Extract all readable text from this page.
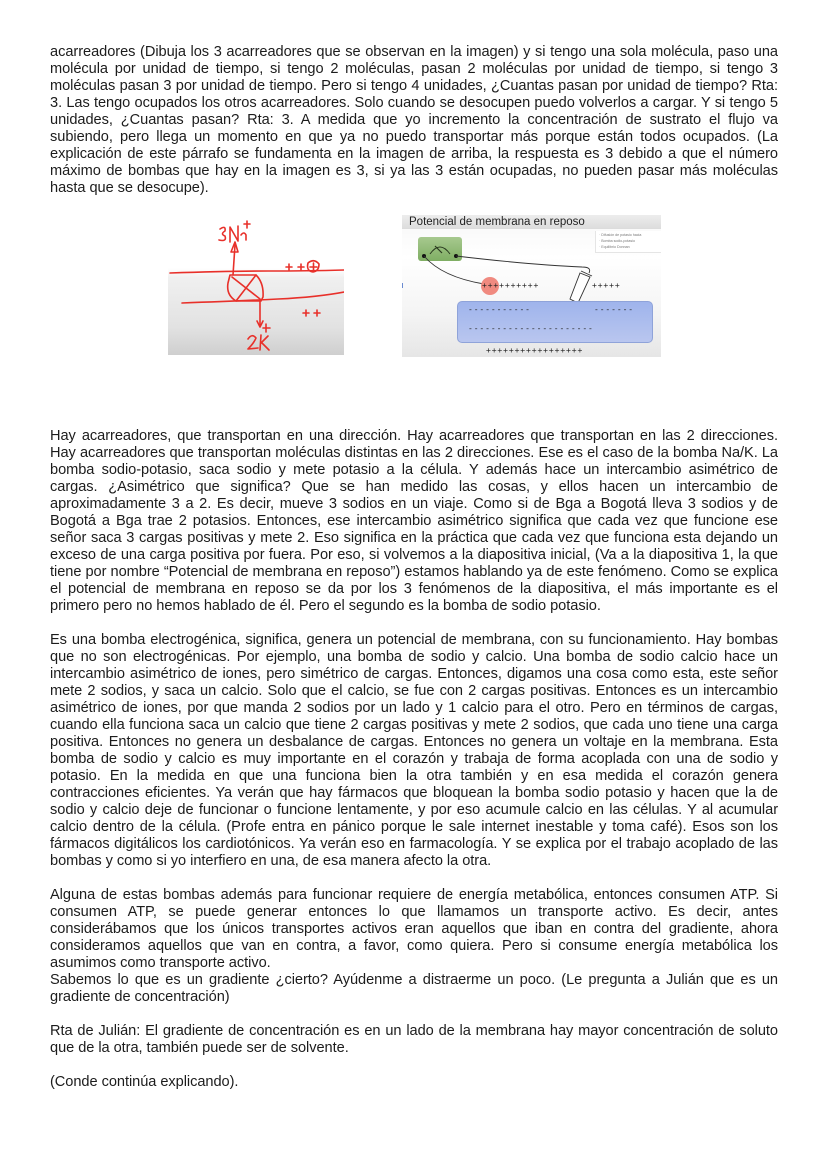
acarreadores (Dibuja los 3 acarreadores que se observan en la imagen) y si tengo una sola molécula, paso una molécula por unidad de tiempo, si tengo 2 moléculas, pasan 2 moléculas por unidad de tiempo, si tengo 3 moléculas pasan 3 por unidad de tiempo. Pero si tengo 4 unidades, ¿Cuantas pasan por unidad de tiempo? Rta: 3. Las tengo ocupados los otros acarreadores. Solo cuando se desocupen puedo volverlos a cargar. Y si tengo 5 unidades, ¿Cuantas pasan? Rta: 3. A medida que yo incremento la concentración de sustrato el flujo va subiendo, pero llega un momento en que ya no puedo transportar más porque están todos ocupados. (La explicación de este párrafo se fundamenta en la imagen de arriba, la respuesta es 3 debido a que el número máximo de bombas que hay en la imagen es 3, si ya las 3 están ocupadas, no pueden pasar más moléculas hasta que se desocupe).

Potencial de membrana en reposo
· Difusión de potasio hacia
· Bomba sodio-potasio
· Equilibrio Donnan
++++++++++	+++++
-----------	-------
----------------------
+++++++++++++++++

Hay acarreadores, que transportan en una dirección. Hay acarreadores que transportan en las 2 direcciones. Hay acarreadores que transportan moléculas distintas en las 2 direcciones. Ese es el caso de la bomba Na/K. La bomba sodio-potasio, saca sodio y mete potasio a la célula. Y además hace un intercambio asimétrico de cargas. ¿Asimétrico que significa? Que se han medido las cosas, y ellos hacen un intercambio de aproximadamente 3 a 2. Es decir, mueve 3 sodios en un viaje. Como si de Bga a Bogotá lleva 3 sodios y de Bogotá a Bga trae 2 potasios. Entonces, ese intercambio asimétrico significa que cada vez que funcione ese señor saca 3 cargas positivas y mete 2. Eso significa en la práctica que cada vez que funciona esta dejando un exceso de una carga positiva por fuera. Por eso, si volvemos a la diapositiva inicial, (Va a la diapositiva 1, la que tiene por nombre “Potencial de membrana en reposo”) estamos hablando ya de este fenómeno. Como se explica el potencial de membrana en reposo se da por los 3 fenómenos de la diapositiva, el más importante es el primero pero no hemos hablado de él. Pero el segundo es la bomba de sodio potasio.

Es una bomba electrogénica, significa, genera un potencial de membrana, con su funcionamiento. Hay bombas que no son electrogénicas. Por ejemplo, una bomba de sodio y calcio. Una bomba de sodio calcio hace un intercambio asimétrico de iones, pero simétrico de cargas. Entonces, digamos una cosa como esta, este señor mete 2 sodios, y saca un calcio. Solo que el calcio, se fue con 2 cargas positivas. Entonces es un intercambio asimétrico de iones, por que manda 2 sodios por un lado y 1 calcio para el otro. Pero en términos de cargas, cuando ella funciona saca un calcio que tiene 2 cargas positivas y mete 2 sodios, que cada uno tiene una carga positiva. Entonces no genera un desbalance de cargas. Entonces no genera un voltaje en la membrana. Esta bomba de sodio y calcio es muy importante en el corazón y trabaja de forma acoplada con una de sodio y potasio. En la medida en que una funciona bien la otra también y en esa medida el corazón genera contracciones eficientes. Ya verán que hay fármacos que bloquean la bomba sodio potasio y hacen que la de sodio y calcio deje de funcionar o funcione lentamente, y por eso acumule calcio en las células. Y al acumular calcio dentro de la célula. (Profe entra en pánico porque le sale internet inestable y toma café). Esos son los fármacos digitálicos los cardiotónicos. Ya verán eso en farmacología. Y se explica por el trabajo acoplado de las bombas y como si yo interfiero en una, de esa manera afecto la otra.

Alguna de estas bombas además para funcionar requiere de energía metabólica, entonces consumen ATP. Si consumen ATP, se puede generar entonces lo que llamamos un transporte activo. Es decir, antes considerábamos que los únicos transportes activos eran aquellos que iban en contra del gradiente, ahora consideramos aquellos que van en contra, a favor, como quiera. Pero si consume energía metabólica los asumimos como transporte activo.

Sabemos lo que es un gradiente ¿cierto? Ayúdenme a distraerme un poco. (Le pregunta a Julián que es un gradiente de concentración)

Rta de Julián: El gradiente de concentración es en un lado de la membrana hay mayor concentración de soluto que de la otra, también puede ser de solvente.

(Conde continúa explicando).
